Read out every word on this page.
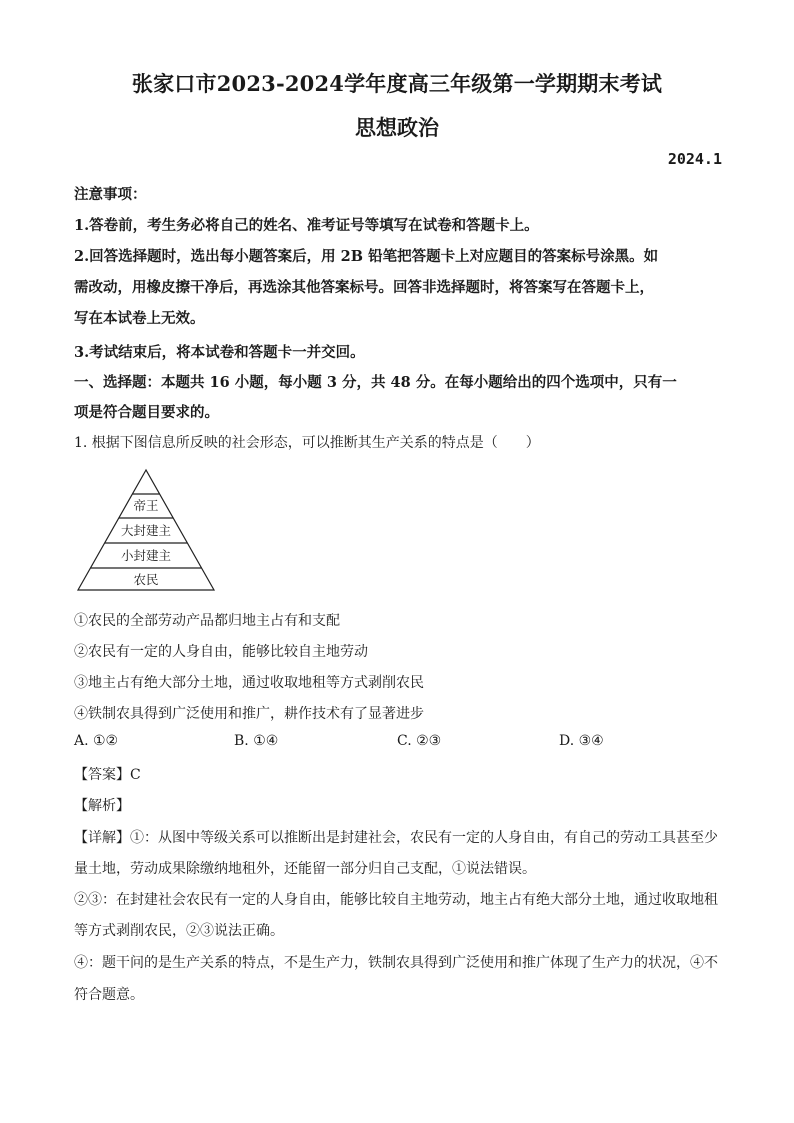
张家口市2023-2024学年度高三年级第一学期期末考试
思想政治
2024.1
注意事项：
1.答卷前，考生务必将自己的姓名、准考证号等填写在试卷和答题卡上。
2.回答选择题时，选出每小题答案后，用 2B 铅笔把答题卡上对应题目的答案标号涂黑。如
需改动，用橡皮擦干净后，再选涂其他答案标号。回答非选择题时，将答案写在答题卡上，
写在本试卷上无效。
3.考试结束后，将本试卷和答题卡一并交回。
一、选择题：本题共 16 小题，每小题 3 分，共 48 分。在每小题给出的四个选项中，只有一
项是符合题目要求的。
1. 根据下图信息所反映的社会形态，可以推断其生产关系的特点是（　　）
帝王
大封建主
小封建主
农民
①农民的全部劳动产品都归地主占有和支配
②农民有一定的人身自由，能够比较自主地劳动
③地主占有绝大部分土地，通过收取地租等方式剥削农民
④铁制农具得到广泛使用和推广，耕作技术有了显著进步
A. ①②	B. ①④	C. ②③	D. ③④
【答案】C
【解析】
【详解】①：从图中等级关系可以推断出是封建社会，农民有一定的人身自由，有自己的劳动工具甚至少
量土地，劳动成果除缴纳地租外，还能留一部分归自己支配，①说法错误。
②③：在封建社会农民有一定的人身自由，能够比较自主地劳动，地主占有绝大部分土地，通过收取地租
等方式剥削农民，②③说法正确。
④：题干问的是生产关系的特点，不是生产力，铁制农具得到广泛使用和推广体现了生产力的状况，④不
符合题意。
